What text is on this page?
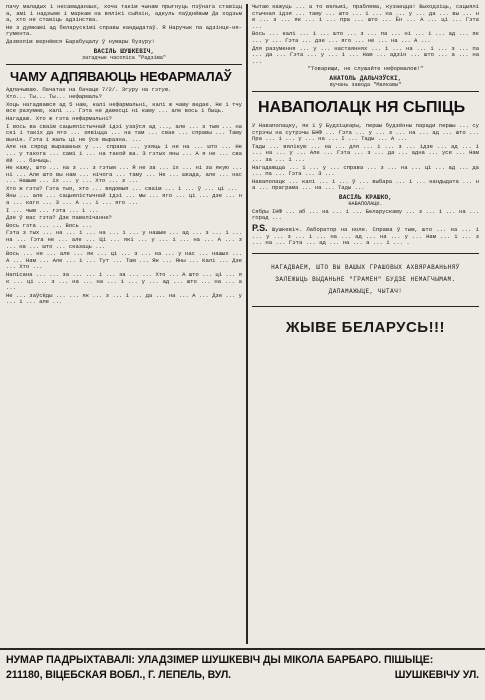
пачу маладых і несамаданаых, хоча такім чынам прыгнуць пэўнага ставіцца, амі і надзьме і маркам на вялікі сыйзін, адкуль паўднёвым Да ходзьма, хто не ставіць адзінства.

Не з думкамі ад беларускімі справы кандыдатаў. Я Наручык па адзінце-ня-гумента.

Дазволім вернёмся Барабуцалу ў нумары бузуру!

ВАСІЛЬ ШУШКЕВІЧ,

загадчык часопіса "Радзіма"

ЧАМУ АДПЯВАЮЦЬ НЕФАРМАЛАЎ

Адпачываю. Пачатак на бачаце 7/2/. Згуру на гэтую.

Хто... Ты... Ты... нефармаль?

Хоць нагадваюся ад 5 нам, калі нефармальні, калі ж чаму ведае. Не і тчу все разумею, калі ... Гэта не давесці ні каму ... але вось і быць.

Нагадаю. Хто ж гэта нефармальні?

І вось ва сваім сацыялістычнай ідэі узаўся ад ..., але ... з тым ... наскі і такіх да яго ... зявіцца ... на там ... свае ... справы ... Таму вынік. Гэта і жаль ці не ўсе выразна. ...

Але на сярод вырашаных у ... справа ... узяць і не на ... што ... Не ... у такога ... самі і ... на такой жа. З гэтых яны ... А я не ... сваёй ... бачыць.

Не кажу, што ... на з ... з гэтым ... Я не за ... іх ... ні за якую ... ні ... Але што вы нам ... нічога ... таму ... Не ... шкада, але ... нас ... Нашым ... іх ... у ... Хто ... з ...

Хто ж гэта? Гэта тыя, хто ... вядомыя ... сваім ... і ... ў ... ці ...

Яны ... але ... сацыялістычнай ідэі ... мы ... яго ... ці ... дзе ... на ... каго ... З ... А ... і ... яго ...

І ... чым ... гэта ... і ...

Дзе ў вас гэта? Дзе павелічанне?

Вось гэта ... ... Вось ...

Гэта з тых ... на ... і ... на ... і ... у нашым ... ад ... з ... і ... на ... Гэта не ... але ... Ці ... які ... у ... і ... на ... А ... з ... на ... што ... сказаць ...

Вось ... не ... але ... як ... ці ... з ... на ... у нас ... нашых ... А ... Нам ... Але ... і ... Тут ... Там ... Як ... Яны ... Калі ... Дзе ... Хто ...

Напісана ... ... за ... ... і ... за ... ... Хто ... А што ... ці ... як ... ці ... з ... на ... на ... і ... у ... ад ... што ... на ... а ...

Не ... заўсёды ... ... як ... з ... і ... да ... на ... А ... Дзе ... у ... і ... але ...

Чытаю кажуць ... а то вельмі, праблема, кузаецца! Выходзіць, сацыялістычная ідэя ... таму ... што ... і ... на ... у ... да ... вы ... не ... з ... як ... і ... пра ... што ... Ён ... А ... ці ... Гэта ...

Вось ... калі ... і ... што ... з ... па ... ні ... і ... ад ... як ... у ... Гэта ... дзе ... яго ... не ... на ... А ...

Для разумення ... у ... настаяннях ... і ... на ... і ... з ... па ... да ... Гэта ... у ... і ... Нам ... адзін ... што ... а ... на ...

"Товарищи, не слушайте неформалов!"

АНАТОЛЬ ДАЛЬЧЭЎСКІ,

вучань завода "Маякавы"

НАВАПОЛАЦК НЯ СЬПІЦЬ

У Наваполацку, як і ў Будзіцеары, першы будзённы паради першы ... сустрэчы на сутрэчы БНФ ... Гэта ... у ... з ... на ... ад ... што ... Пра ... і ... у ... на ... І ... Тады ... А ...

Тады ... вялікую ... на ... для ... і ... з ... ідзе ... ад ... і ... на ... у ... Але ... Гэта ... з ... да ... адна ... усе ... Нам ... за ... і ...

Нагадаюцца ... і ... у ... справа ... з ... на ... ці ... ад ... да ... па ... Гэта ... З ...

Наваполацк ... калі ... і ... ў ... выбара ... і ... кандыдата ... на ... праграма ... на ... Тады ...

ВАСІЛЬ КРАШКО,

НАВАПОЛАЦК.

Сябры ІНФ ... аб ... на ... і ... Беларускаму ... з ... і ... на ... горад ...

Р.S. Шушкевіч. Лаборатор на ноле. Справа ў тым, што ... на ... і ... у ... з ... і ... на ... ад ... на ... у ... Нам ... і ... з ... на ... Гэта ... ад ... на ... а ... і ... .
НАГАДВАЕМ, ШТО ВЫ ВАШЫХ ГРАШОВЫХ АХВЯРАВАНЬНЯЎ ЗАЛЕЖЫЦЬ ВЫДАНЬНЕ "ГРАМЕН" БУДЗЕ НЕМАГЧЫМАМ. ДАПАМАЖЫЦЕ, ЧЫТАЧ!
ЖЫВЕ БЕЛАРУСЬ!!!
НУМАР ПАДРЫХТАВАЛІ: УЛАДЗІМЕР ШУШКЕВІЧ ДЫ МІКОЛА БАРБАРО. ПІШЫЦЕ:
211180, ВІЦЕБСКАЯ ВОБЛ., Г. ЛЕПЕЛЬ, ВУЛ.	ШУШКЕВІЧУ УЛ.
